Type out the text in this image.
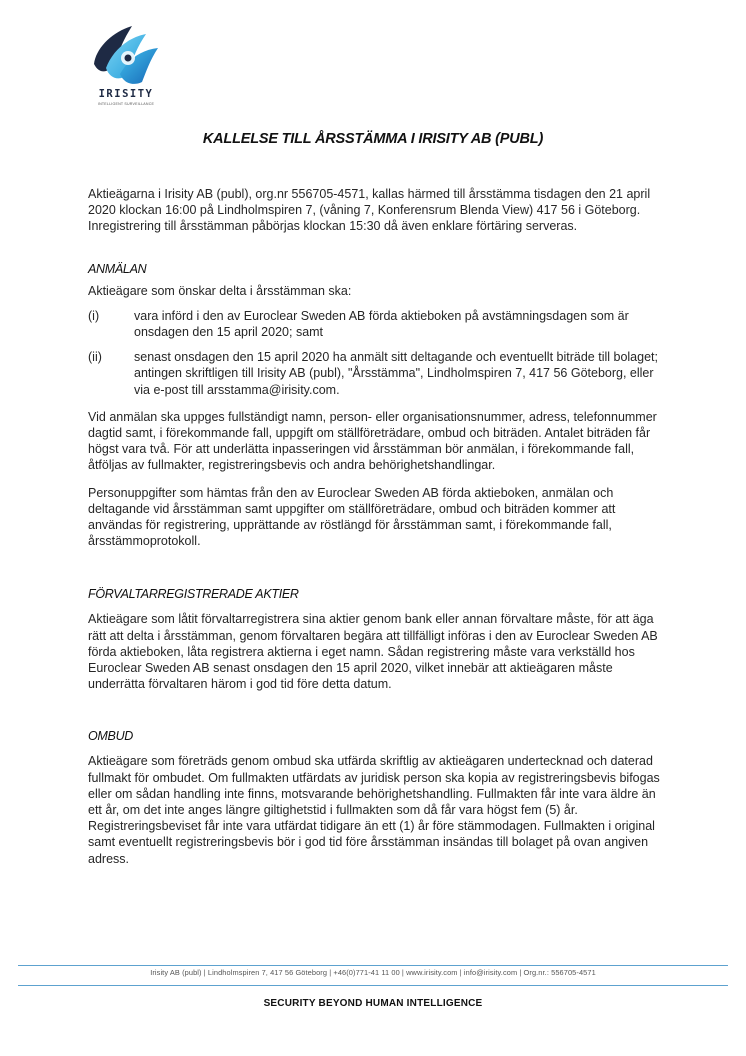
IRISITY
INTELLIGENT SURVEILLANCE
KALLELSE TILL ÅRSSTÄMMA I IRISITY AB (PUBL)

Aktieägarna i Irisity AB (publ), org.nr 556705-4571, kallas härmed till årsstämma tisdagen den 21 april 2020 klockan 16:00 på Lindholmspiren 7, (våning 7, Konferensrum Blenda View) 417 56 i Göteborg. Inregistrering till årsstämman påbörjas klockan 15:30 då även enklare förtäring serveras.

ANMÄLAN

Aktieägare som önskar delta i årsstämman ska:

(i)	vara införd i den av Euroclear Sweden AB förda aktieboken på avstämningsdagen som är onsdagen den 15 april 2020; samt

(ii)	senast onsdagen den 15 april 2020 ha anmält sitt deltagande och eventuellt biträde till bolaget; antingen skriftligen till Irisity AB (publ), "Årsstämma", Lindholmspiren 7, 417 56 Göteborg, eller via e-post till arsstamma@irisity.com.

Vid anmälan ska uppges fullständigt namn, person- eller organisationsnummer, adress, telefonnummer dagtid samt, i förekommande fall, uppgift om ställföreträdare, ombud och biträden. Antalet biträden får högst vara två. För att underlätta inpasseringen vid årsstämman bör anmälan, i förekommande fall, åtföljas av fullmakter, registreringsbevis och andra behörighetshandlingar.

Personuppgifter som hämtas från den av Euroclear Sweden AB förda aktieboken, anmälan och deltagande vid årsstämman samt uppgifter om ställföreträdare, ombud och biträden kommer att användas för registrering, upprättande av röstlängd för årsstämman samt, i förekommande fall, årsstämmoprotokoll.

FÖRVALTARREGISTRERADE AKTIER

Aktieägare som låtit förvaltarregistrera sina aktier genom bank eller annan förvaltare måste, för att äga rätt att delta i årsstämman, genom förvaltaren begära att tillfälligt införas i den av Euroclear Sweden AB förda aktieboken, låta registrera aktierna i eget namn. Sådan registrering måste vara verkställd hos Euroclear Sweden AB senast onsdagen den 15 april 2020, vilket innebär att aktieägaren måste underrätta förvaltaren härom i god tid före detta datum.

OMBUD

Aktieägare som företräds genom ombud ska utfärda skriftlig av aktieägaren undertecknad och daterad fullmakt för ombudet. Om fullmakten utfärdats av juridisk person ska kopia av registreringsbevis bifogas eller om sådan handling inte finns, motsvarande behörighetshandling. Fullmakten får inte vara äldre än ett år, om det inte anges längre giltighetstid i fullmakten som då får vara högst fem (5) år. Registreringsbeviset får inte vara utfärdat tidigare än ett (1) år före stämmodagen. Fullmakten i original samt eventuellt registreringsbevis bör i god tid före årsstämman insändas till bolaget på ovan angiven adress.

Irisity AB (publ) | Lindholmspiren 7, 417 56 Göteborg | +46(0)771-41 11 00 | www.irisity.com | info@irisity.com | Org.nr.: 556705-4571
SECURITY BEYOND HUMAN INTELLIGENCE
